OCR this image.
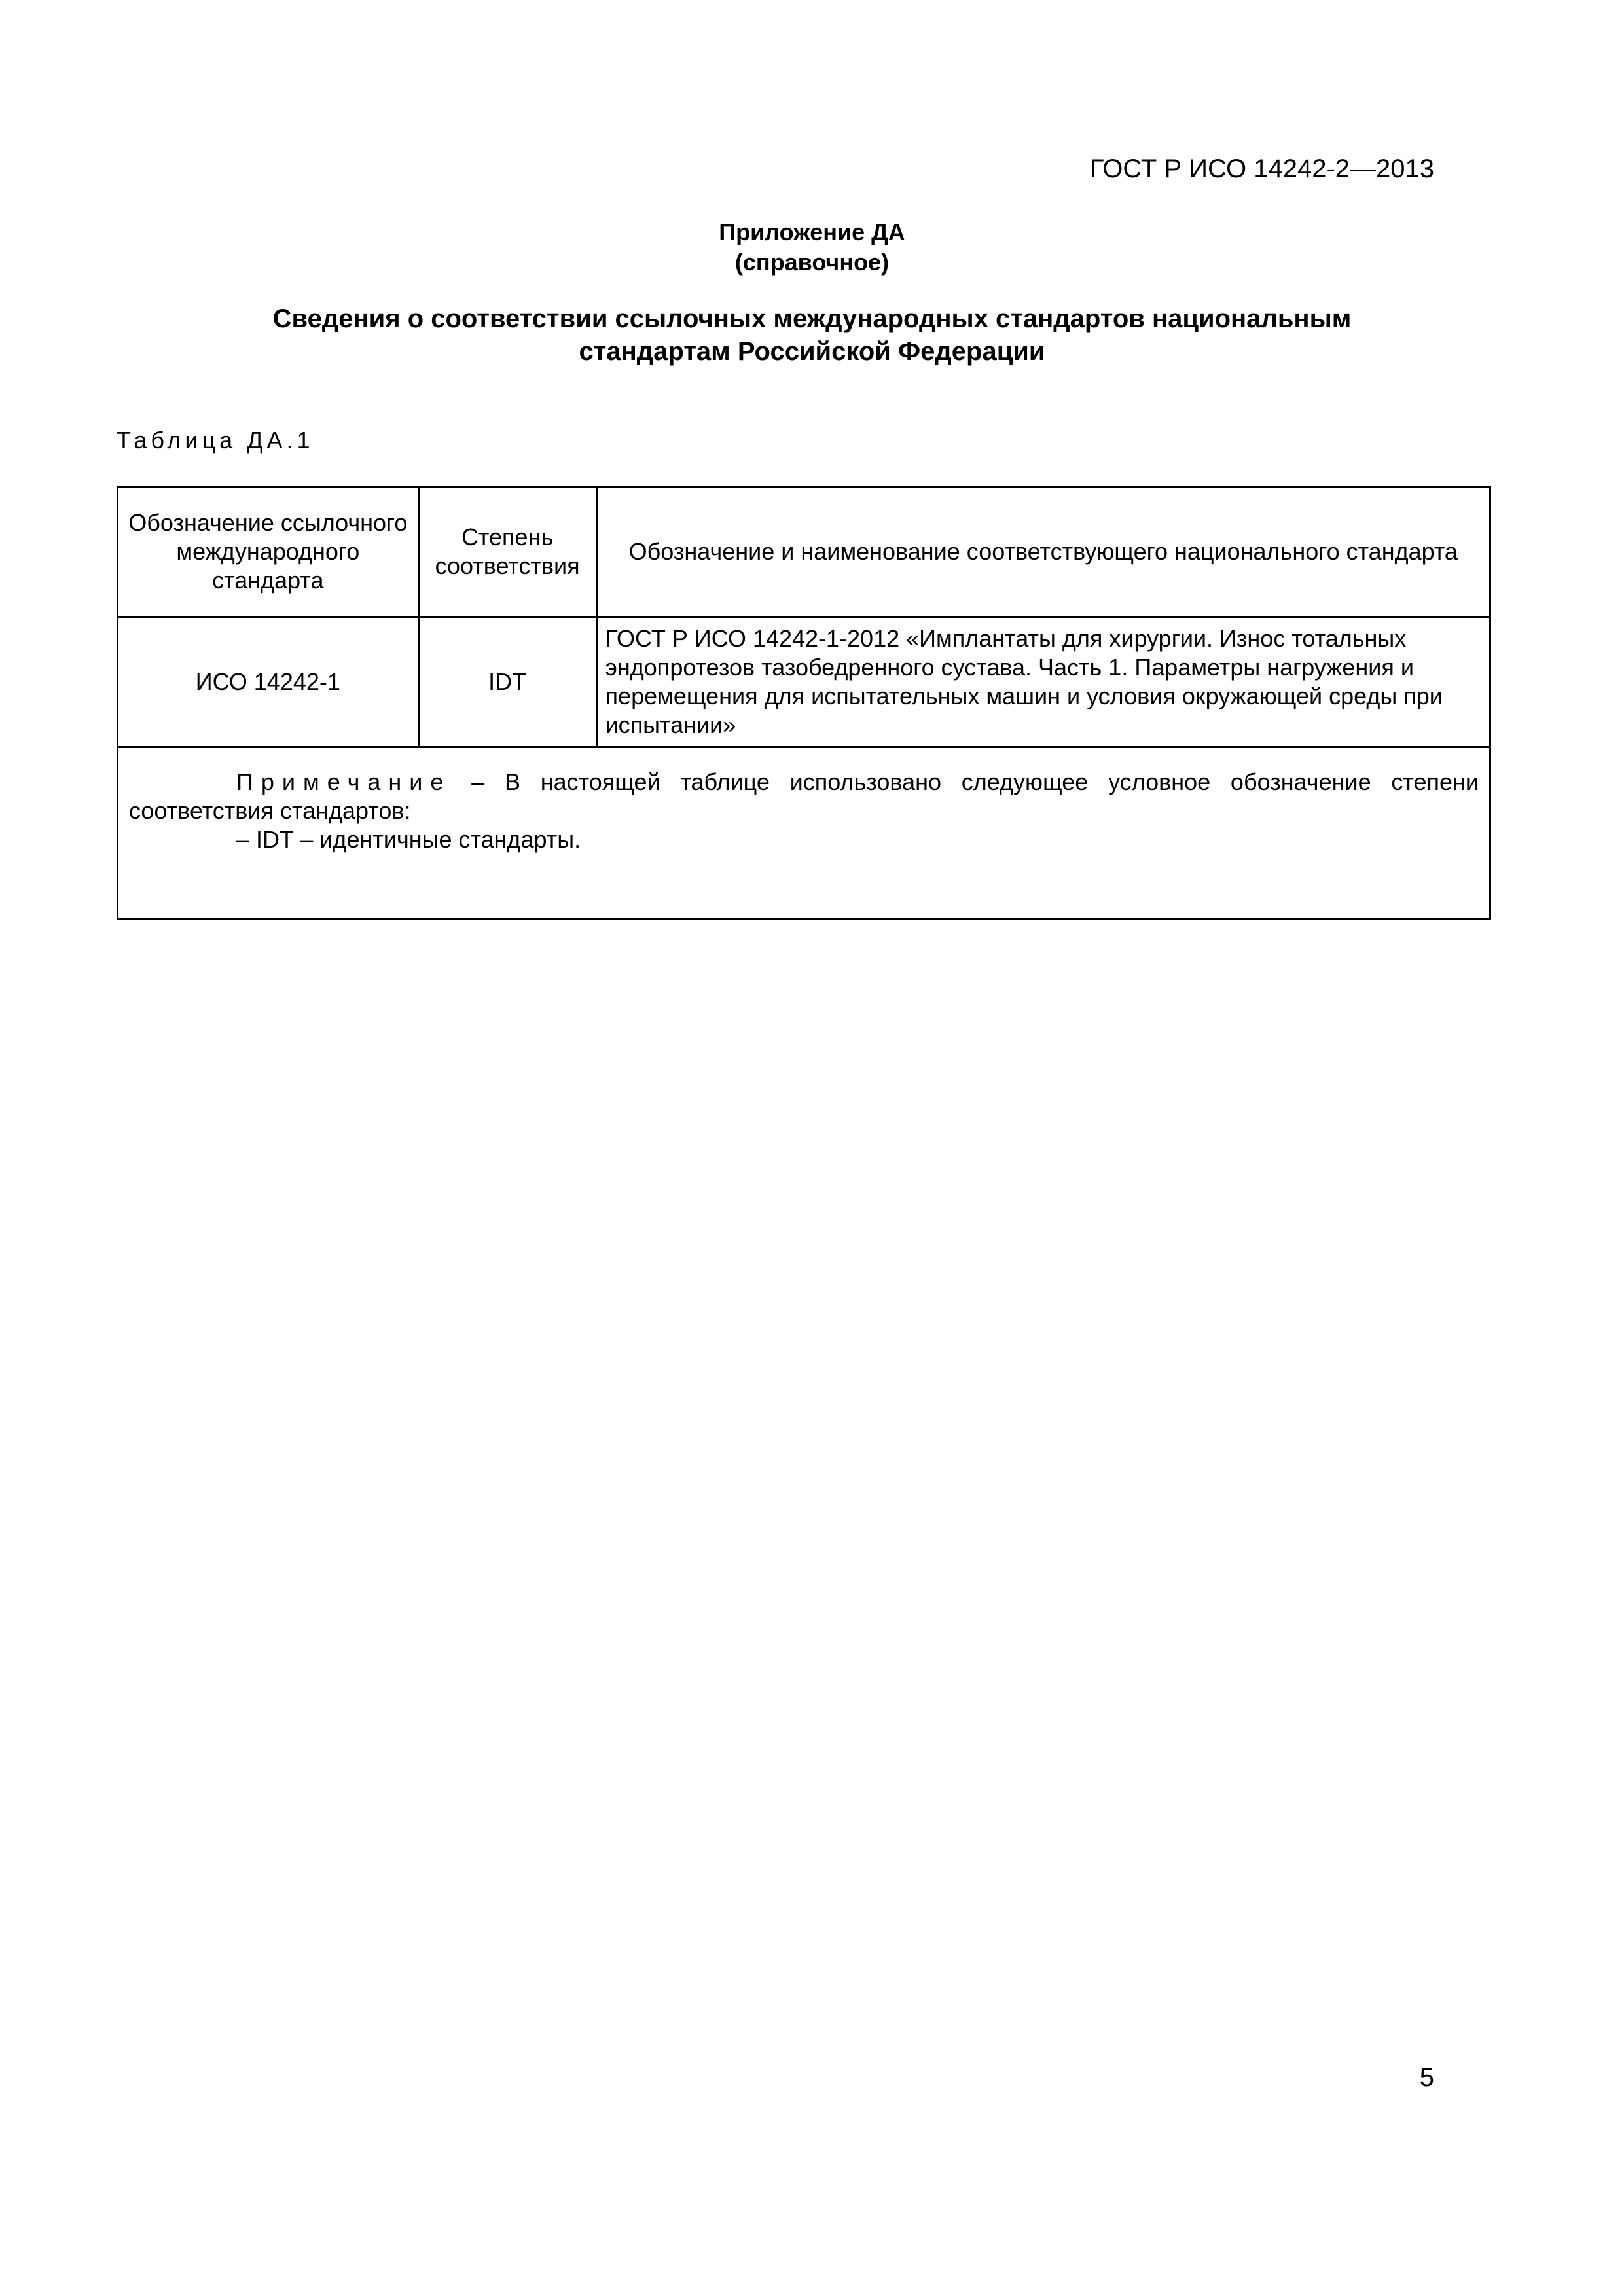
ГОСТ Р ИСО 14242-2—2013
Приложение ДА
(справочное)
Сведения о соответствии ссылочных международных стандартов национальным
стандартам Российской Федерации
Таблица ДА.1
Обозначение ссылочного международного стандарта	Степень соответствия	Обозначение и наименование соответствующего национального стандарта
ИСО 14242-1	IDT	ГОСТ Р ИСО 14242-1-2012 «Имплантаты для хирургии. Износ тотальных эндопротезов тазобедренного сустава. Часть 1. Параметры нагружения и перемещения для испытательных машин и условия окружающей среды при испытании»

Примечание – В настоящей таблице использовано следующее условное обозначение степени соответствия стандартов:
– IDT – идентичные стандарты.		
5
